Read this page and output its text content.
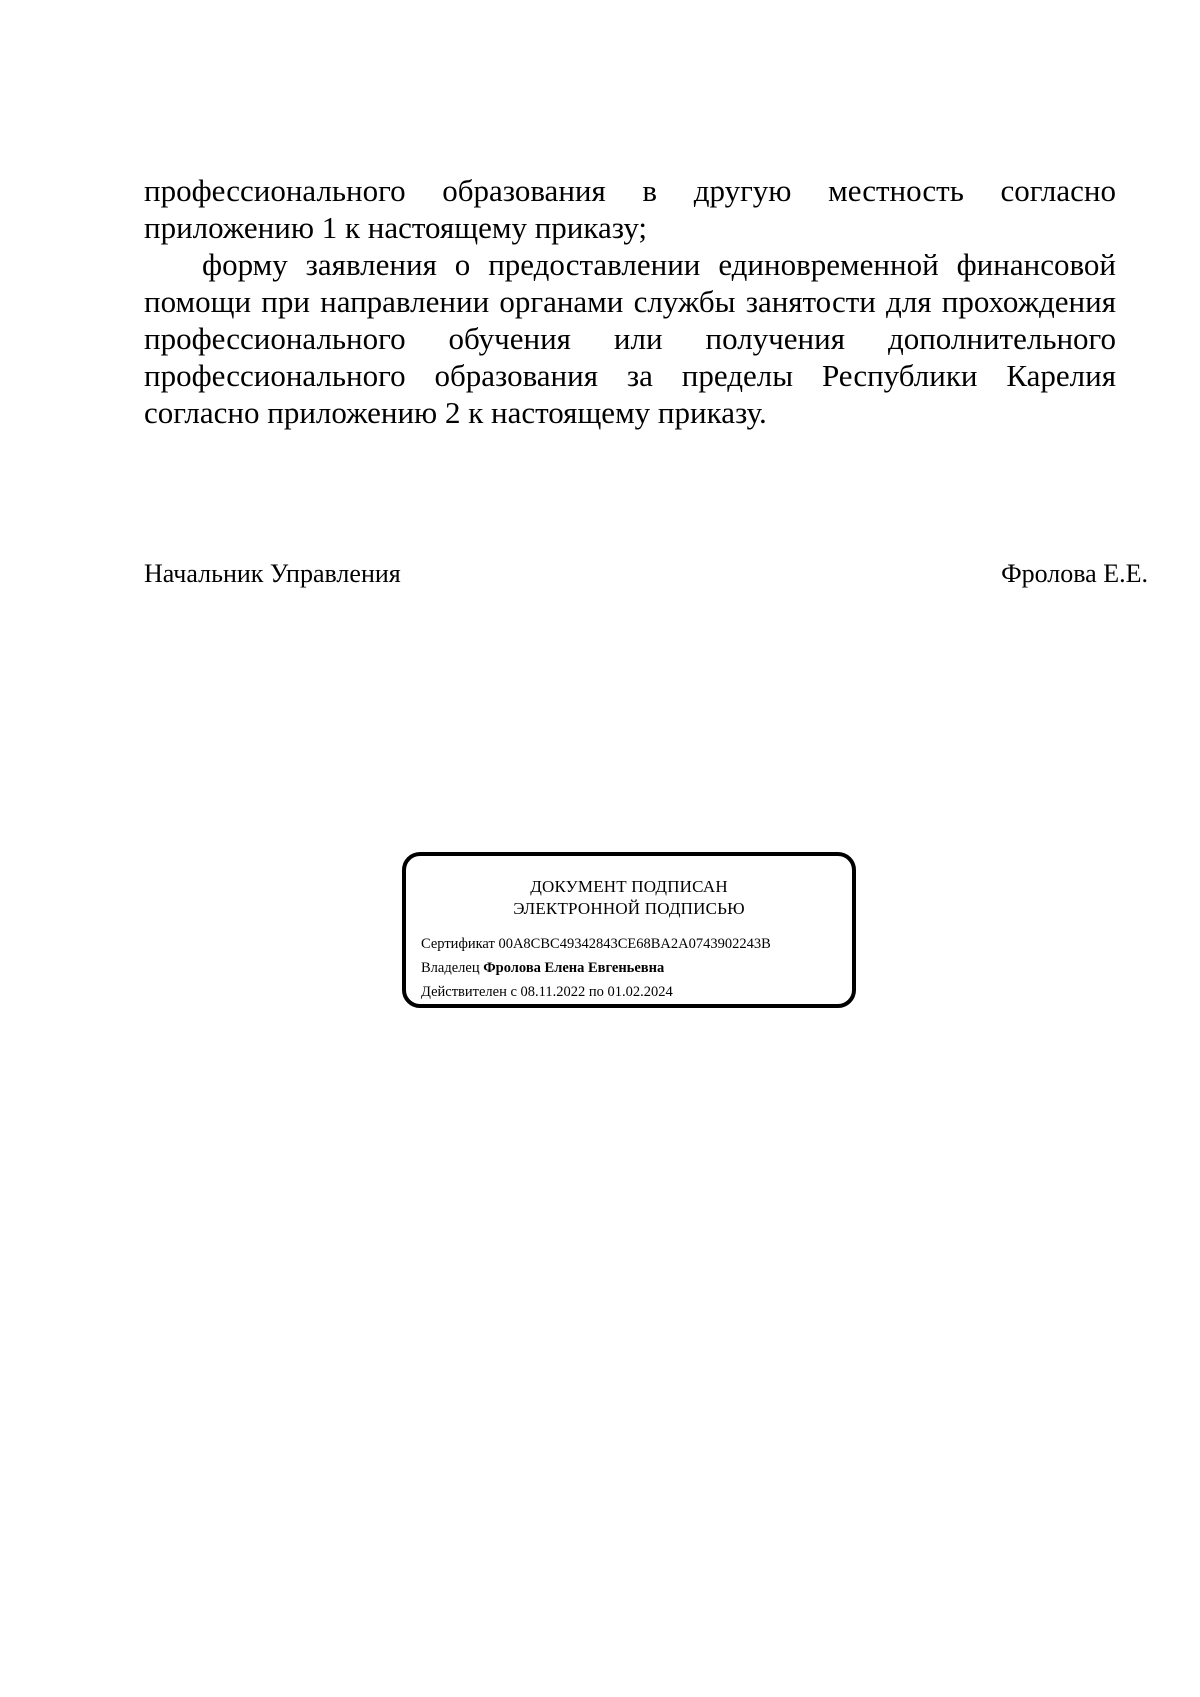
профессионального образования в другую местность согласно приложению 1 к настоящему приказу;

форму заявления о предоставлении единовременной финансовой помощи при направлении органами службы занятости для прохождения профессионального обучения или получения дополнительного профессионального образования за пределы Республики Карелия согласно приложению 2 к настоящему приказу.

Начальник Управления	Фролова Е.Е.
ДОКУМЕНТ ПОДПИСАН
ЭЛЕКТРОННОЙ ПОДПИСЬЮ
Сертификат 00A8CBC49342843CE68BA2A0743902243B
Владелец Фролова Елена Евгеньевна
Действителен с 08.11.2022 по 01.02.2024
